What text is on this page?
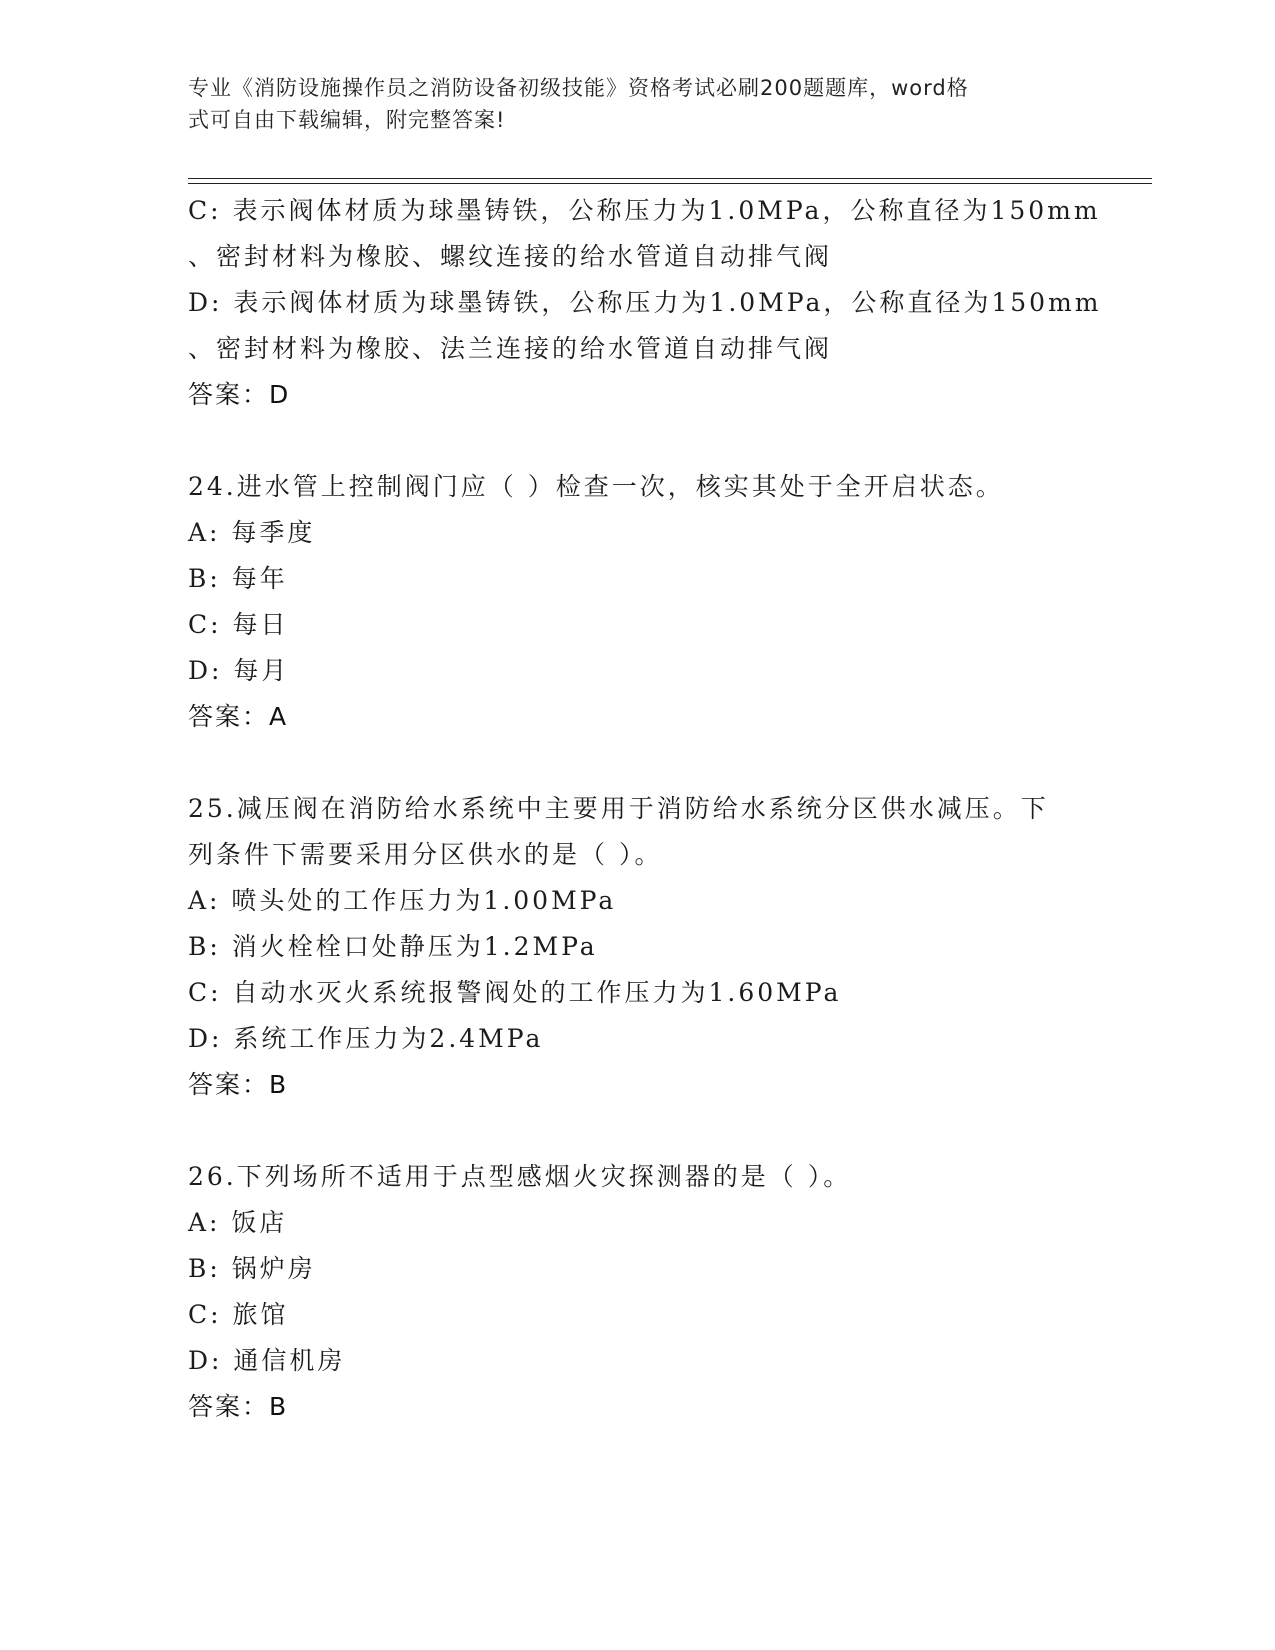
专业《消防设施操作员之消防设备初级技能》资格考试必刷200题题库，word格
式可自由下载编辑，附完整答案!
C: 表示阀体材质为球墨铸铁，公称压力为1.0MPa，公称直径为150mm
、密封材料为橡胶、螺纹连接的给水管道自动排气阀
D: 表示阀体材质为球墨铸铁，公称压力为1.0MPa，公称直径为150mm
、密封材料为橡胶、法兰连接的给水管道自动排气阀
答案：D
24.进水管上控制阀门应（ ）检查一次，核实其处于全开启状态。
A: 每季度
B: 每年
C: 每日
D: 每月
答案：A
25.减压阀在消防给水系统中主要用于消防给水系统分区供水减压。下
列条件下需要采用分区供水的是（ ）。
A: 喷头处的工作压力为1.00MPa
B: 消火栓栓口处静压为1.2MPa
C: 自动水灭火系统报警阀处的工作压力为1.60MPa
D: 系统工作压力为2.4MPa
答案：B
26.下列场所不适用于点型感烟火灾探测器的是（ ）。
A: 饭店
B: 锅炉房
C: 旅馆
D: 通信机房
答案：B
